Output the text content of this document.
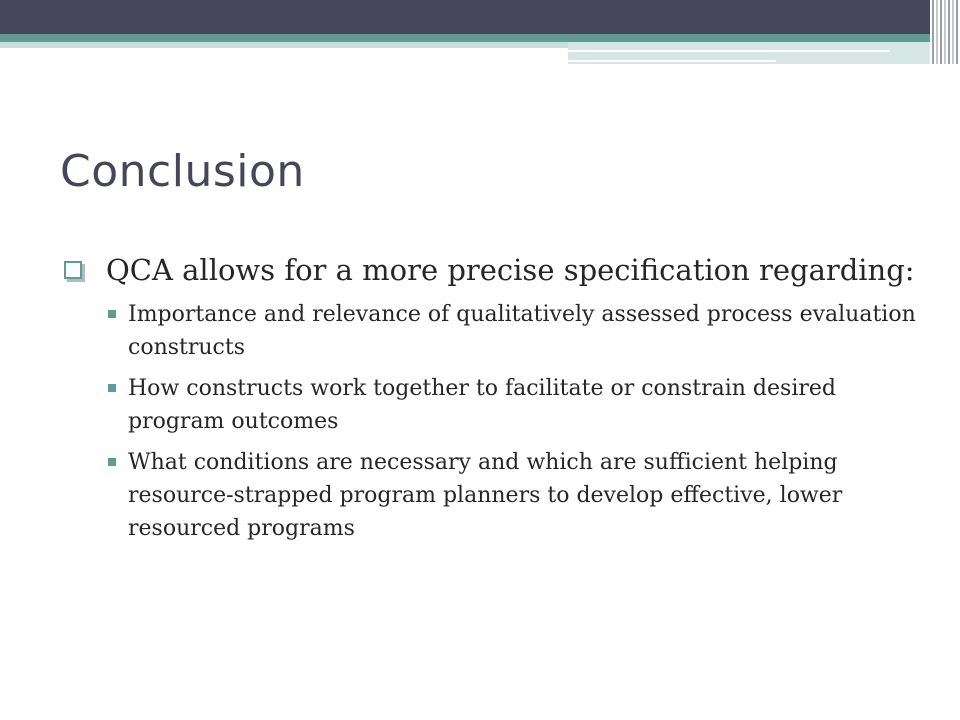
Conclusion
QCA allows for a more precise specification regarding:
Importance and relevance of qualitatively assessed process evaluation constructs
How constructs work together to facilitate or constrain desired program outcomes
What conditions are necessary and which are sufficient helping resource-strapped program planners to develop effective, lower resourced programs
